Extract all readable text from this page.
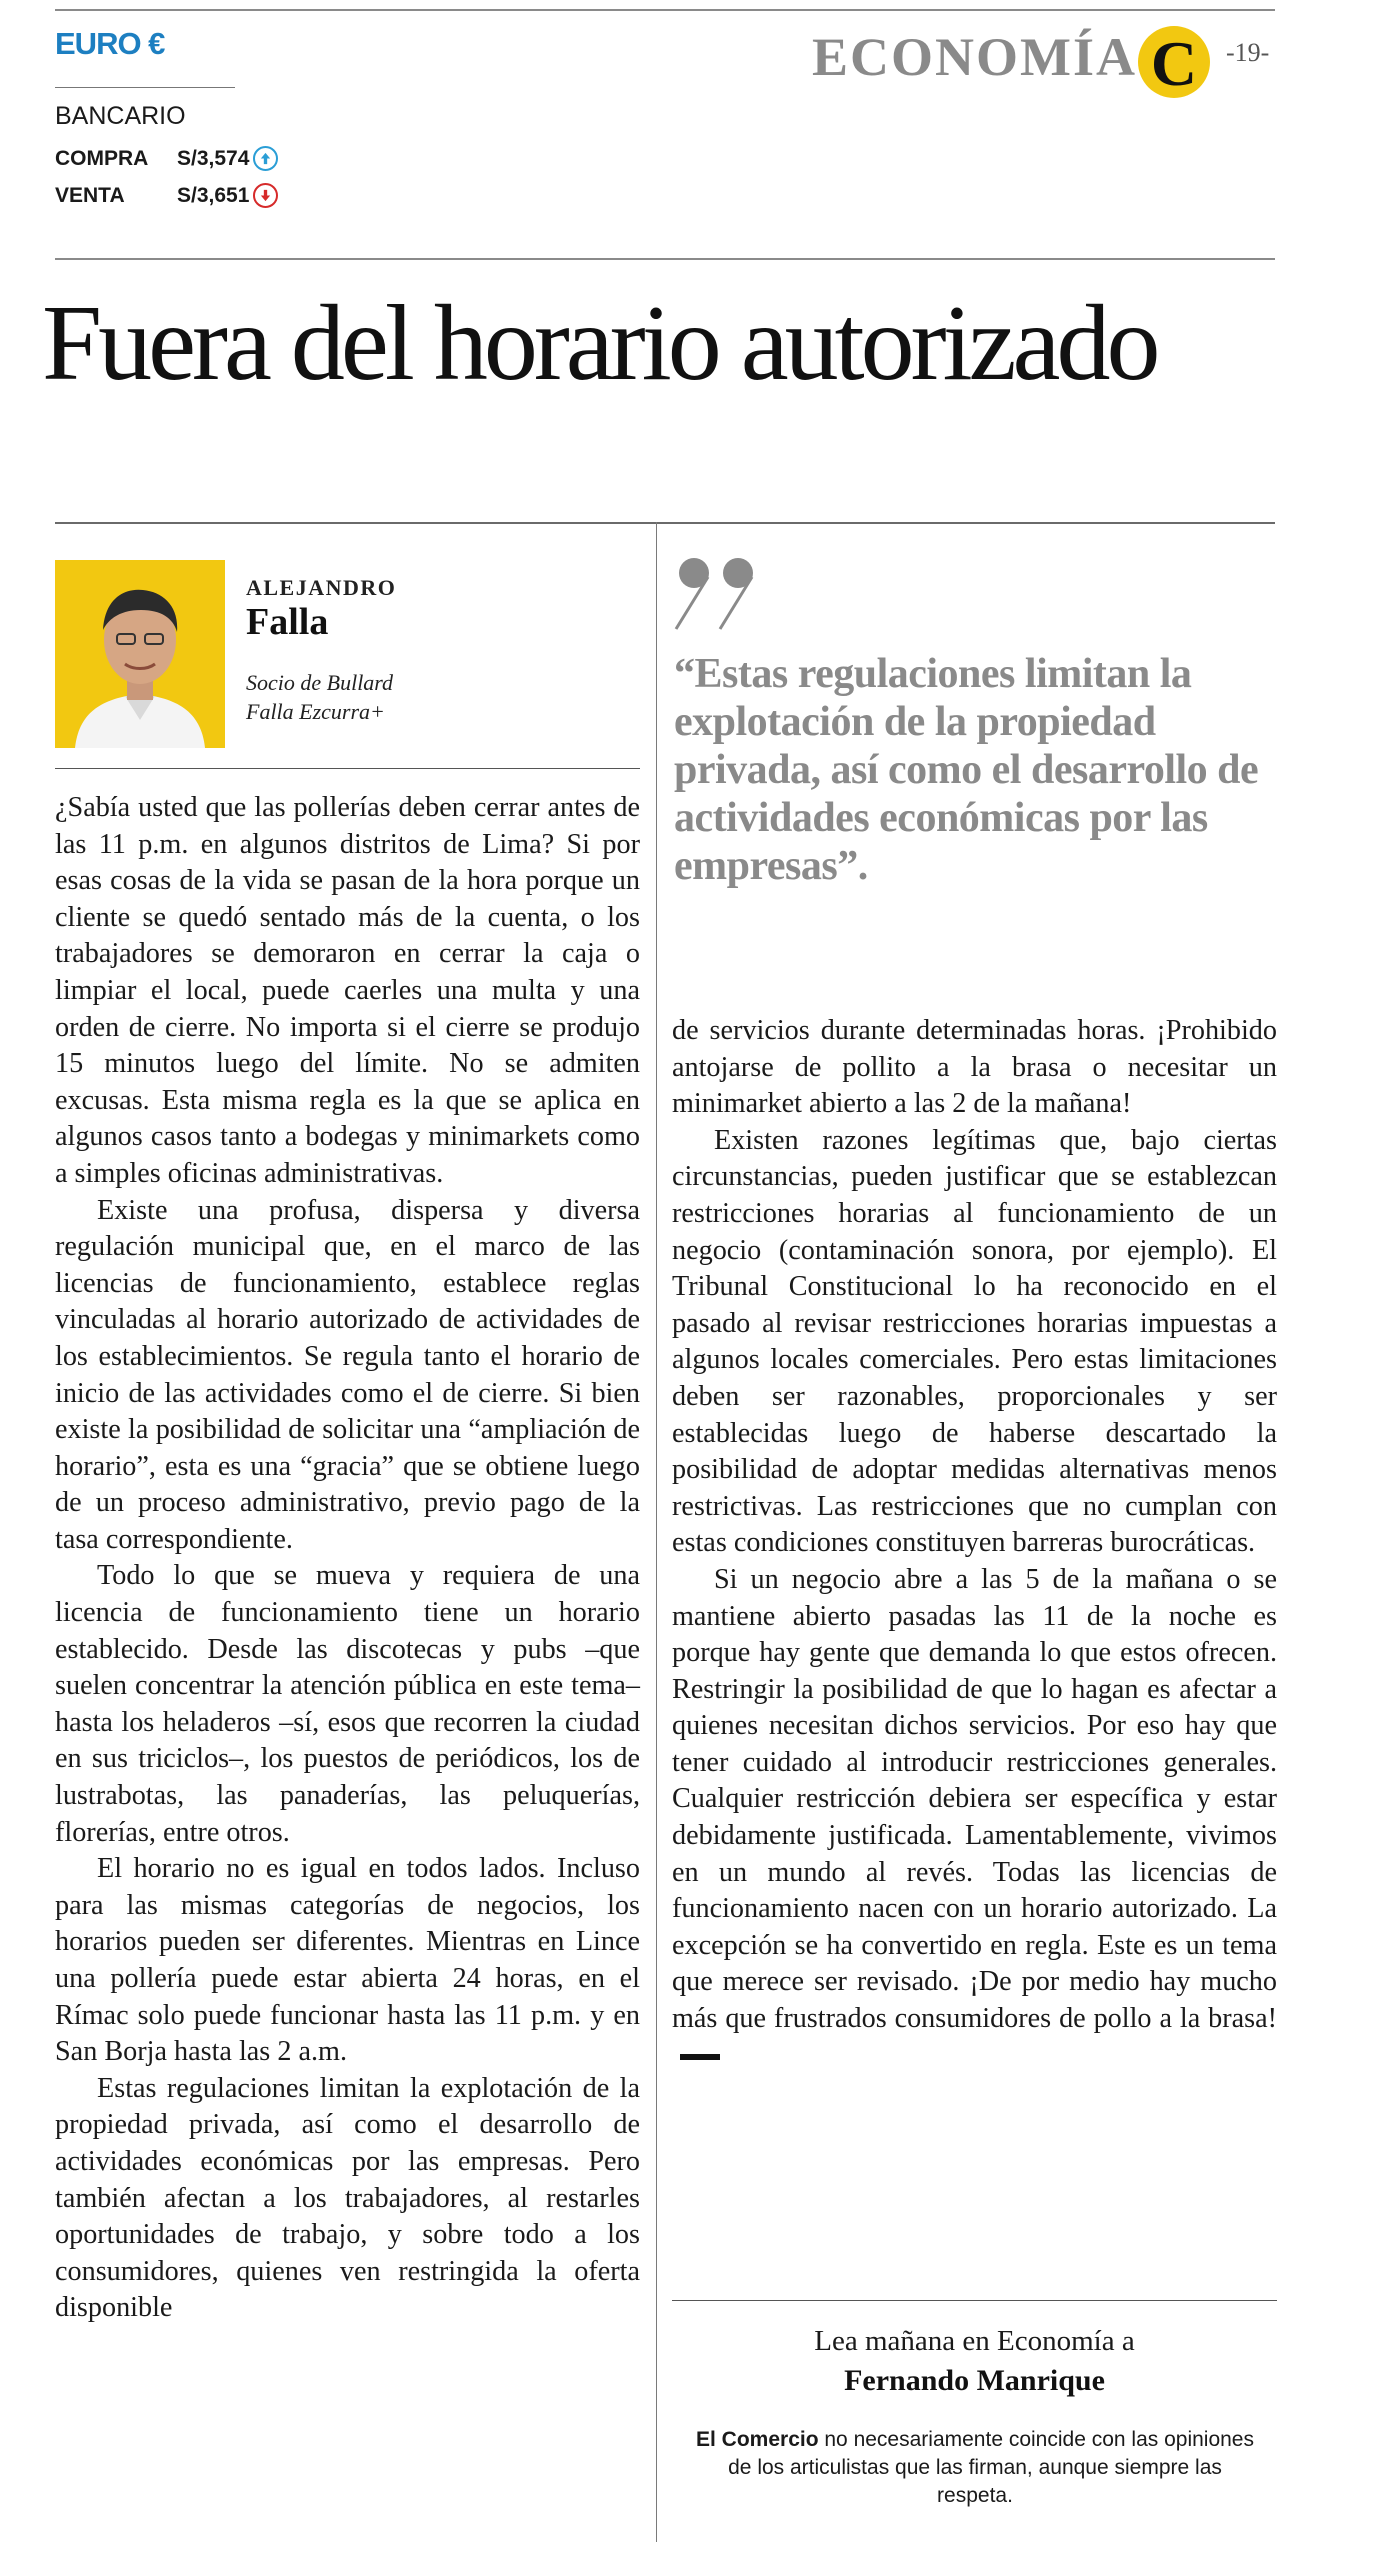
EURO €
BANCARIO
COMPRA	S/3,574
VENTA	S/3,651
ECONOMÍA C -19-
Fuera del horario autorizado
ALEJANDRO
Falla
Socio de Bullard
Falla Ezcurra+

¿Sabía usted que las pollerías deben cerrar antes de las 11 p.m. en algunos distritos de Lima? Si por esas cosas de la vida se pasan de la hora porque un cliente se quedó sentado más de la cuenta, o los trabajadores se demoraron en cerrar la caja o limpiar el local, puede caerles una multa y una orden de cierre. No importa si el cierre se produjo 15 minutos luego del límite. No se admiten excusas. Esta misma regla es la que se aplica en algunos casos tanto a bodegas y minimarkets como a simples oficinas administrativas.

Existe una profusa, dispersa y diversa regulación municipal que, en el marco de las licencias de funcionamiento, establece reglas vinculadas al horario autorizado de actividades de los establecimientos. Se regula tanto el horario de inicio de las actividades como el de cierre. Si bien existe la posibilidad de solicitar una “ampliación de horario”, esta es una “gracia” que se obtiene luego de un proceso administrativo, previo pago de la tasa correspondiente.

Todo lo que se mueva y requiera de una licencia de funcionamiento tiene un horario establecido. Desde las discotecas y pubs –que suelen concentrar la atención pública en este tema– hasta los heladeros –sí, esos que recorren la ciudad en sus triciclos–, los puestos de periódicos, los de lustrabotas, las panaderías, las peluquerías, florerías, entre otros.

El horario no es igual en todos lados. Incluso para las mismas categorías de negocios, los horarios pueden ser diferentes. Mientras en Lince una pollería puede estar abierta 24 horas, en el Rímac solo puede funcionar hasta las 11 p.m. y en San Borja hasta las 2 a.m.

Estas regulaciones limitan la explotación de la propiedad privada, así como el desarrollo de actividades económicas por las empresas. Pero también afectan a los trabajadores, al restarles oportunidades de trabajo, y sobre todo a los consumidores, quienes ven restringida la oferta disponible

“Estas regulaciones limitan la explotación de la propiedad privada, así como el desarrollo de actividades económicas por las empresas”.

de servicios durante determinadas horas. ¡Prohibido antojarse de pollito a la brasa o necesitar un minimarket abierto a las 2 de la mañana!

Existen razones legítimas que, bajo ciertas circunstancias, pueden justificar que se establezcan restricciones horarias al funcionamiento de un negocio (contaminación sonora, por ejemplo). El Tribunal Constitucional lo ha reconocido en el pasado al revisar restricciones horarias impuestas a algunos locales comerciales. Pero estas limitaciones deben ser razonables, proporcionales y ser establecidas luego de haberse descartado la posibilidad de adoptar medidas alternativas menos restrictivas. Las restricciones que no cumplan con estas condiciones constituyen barreras burocráticas.

Si un negocio abre a las 5 de la mañana o se mantiene abierto pasadas las 11 de la noche es porque hay gente que demanda lo que estos ofrecen. Restringir la posibilidad de que lo hagan es afectar a quienes necesitan dichos servicios. Por eso hay que tener cuidado al introducir restricciones generales. Cualquier restricción debiera ser específica y estar debidamente justificada. Lamentablemente, vivimos en un mundo al revés. Todas las licencias de funcionamiento nacen con un horario autorizado. La excepción se ha convertido en regla. Este es un tema que merece ser revisado. ¡De por medio hay mucho más que frustrados consumidores de pollo a la brasa!

Lea mañana en Economía a
Fernando Manrique
El Comercio no necesariamente coincide con las opiniones de los articulistas que las firman, aunque siempre las respeta.
